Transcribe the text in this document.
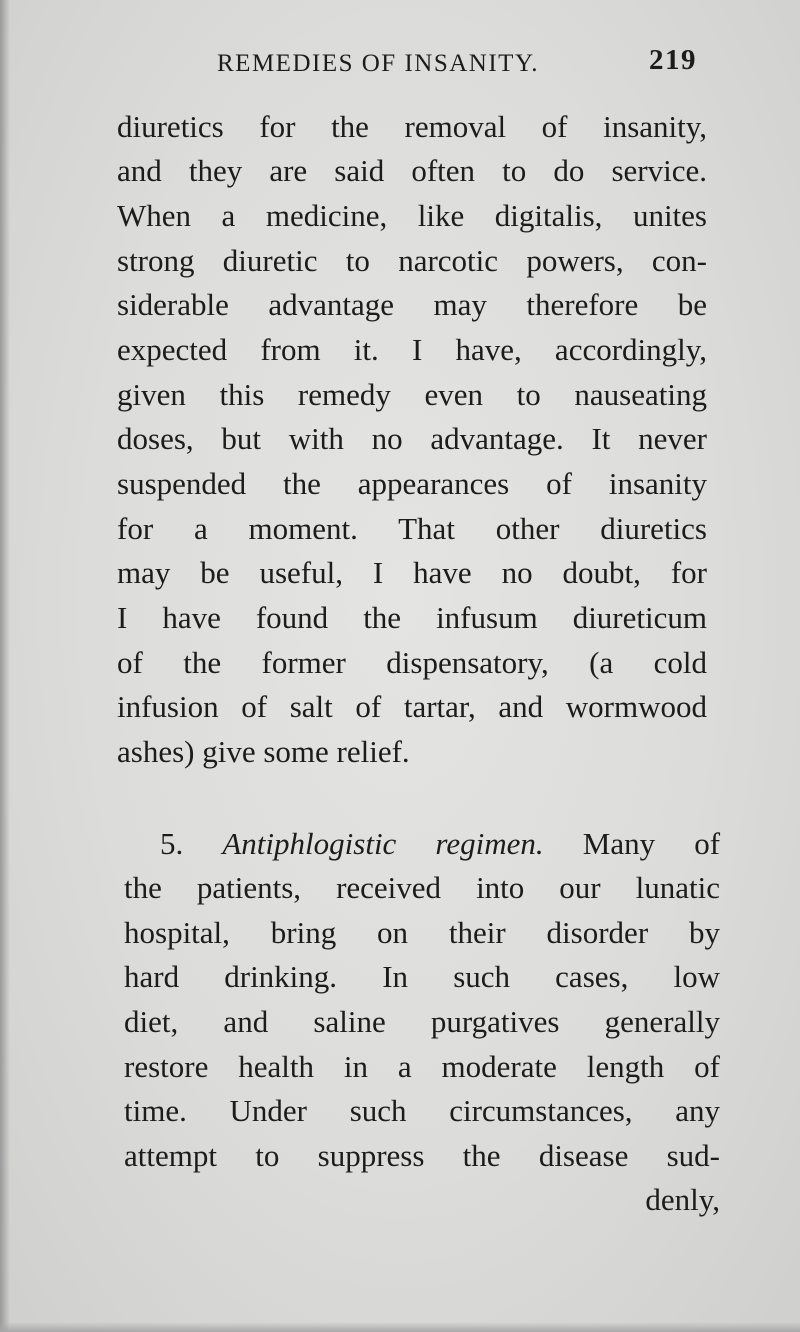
REMEDIES OF INSANITY.	219
diuretics for the removal of insanity,
and they are said often to do service.
When a medicine, like digitalis, unites
strong diuretic to narcotic powers, con-
siderable advantage may therefore be
expected from it. I have, accordingly,
given this remedy even to nauseating
doses, but with no advantage. It never
suspended the appearances of insanity
for a moment. That other diuretics
may be useful, I have no doubt, for
I have found the infusum diureticum
of the former dispensatory, (a cold
infusion of salt of tartar, and wormwood
ashes) give some relief.
5. Antiphlogistic regimen. Many of
the patients, received into our lunatic
hospital, bring on their disorder by
hard drinking. In such cases, low
diet, and saline purgatives generally
restore health in a moderate length of
time. Under such circumstances, any
attempt to suppress the disease sud-
denly,
